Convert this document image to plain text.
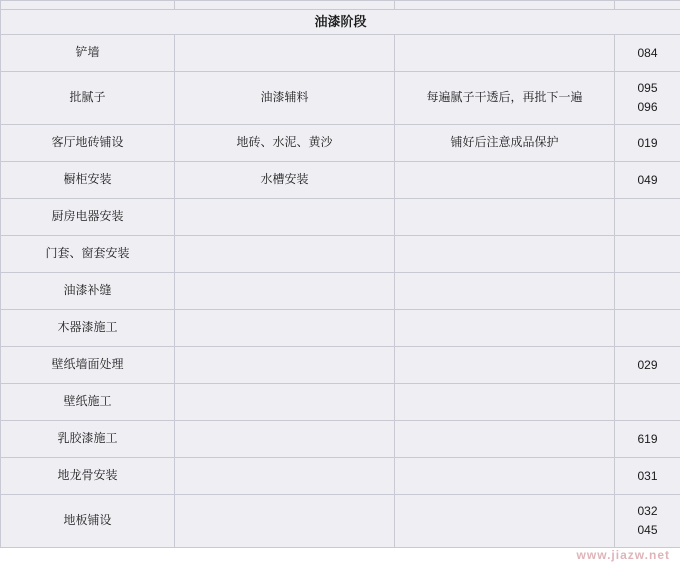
油漆阶段			
铲墙			084

批腻子	油漆辅料	每遍腻子干透后，再批下一遍	095
096

客厅地砖铺设	地砖、水泥、黄沙	铺好后注意成品保护	019

橱柜安装	水槽安装		049

厨房电器安装			
门套、窗套安装			
油漆补缝			
木器漆施工			
壁纸墙面处理			029

壁纸施工			
乳胶漆施工			619

地龙骨安装			031

地板铺设			032
045
www.jiazw.net
